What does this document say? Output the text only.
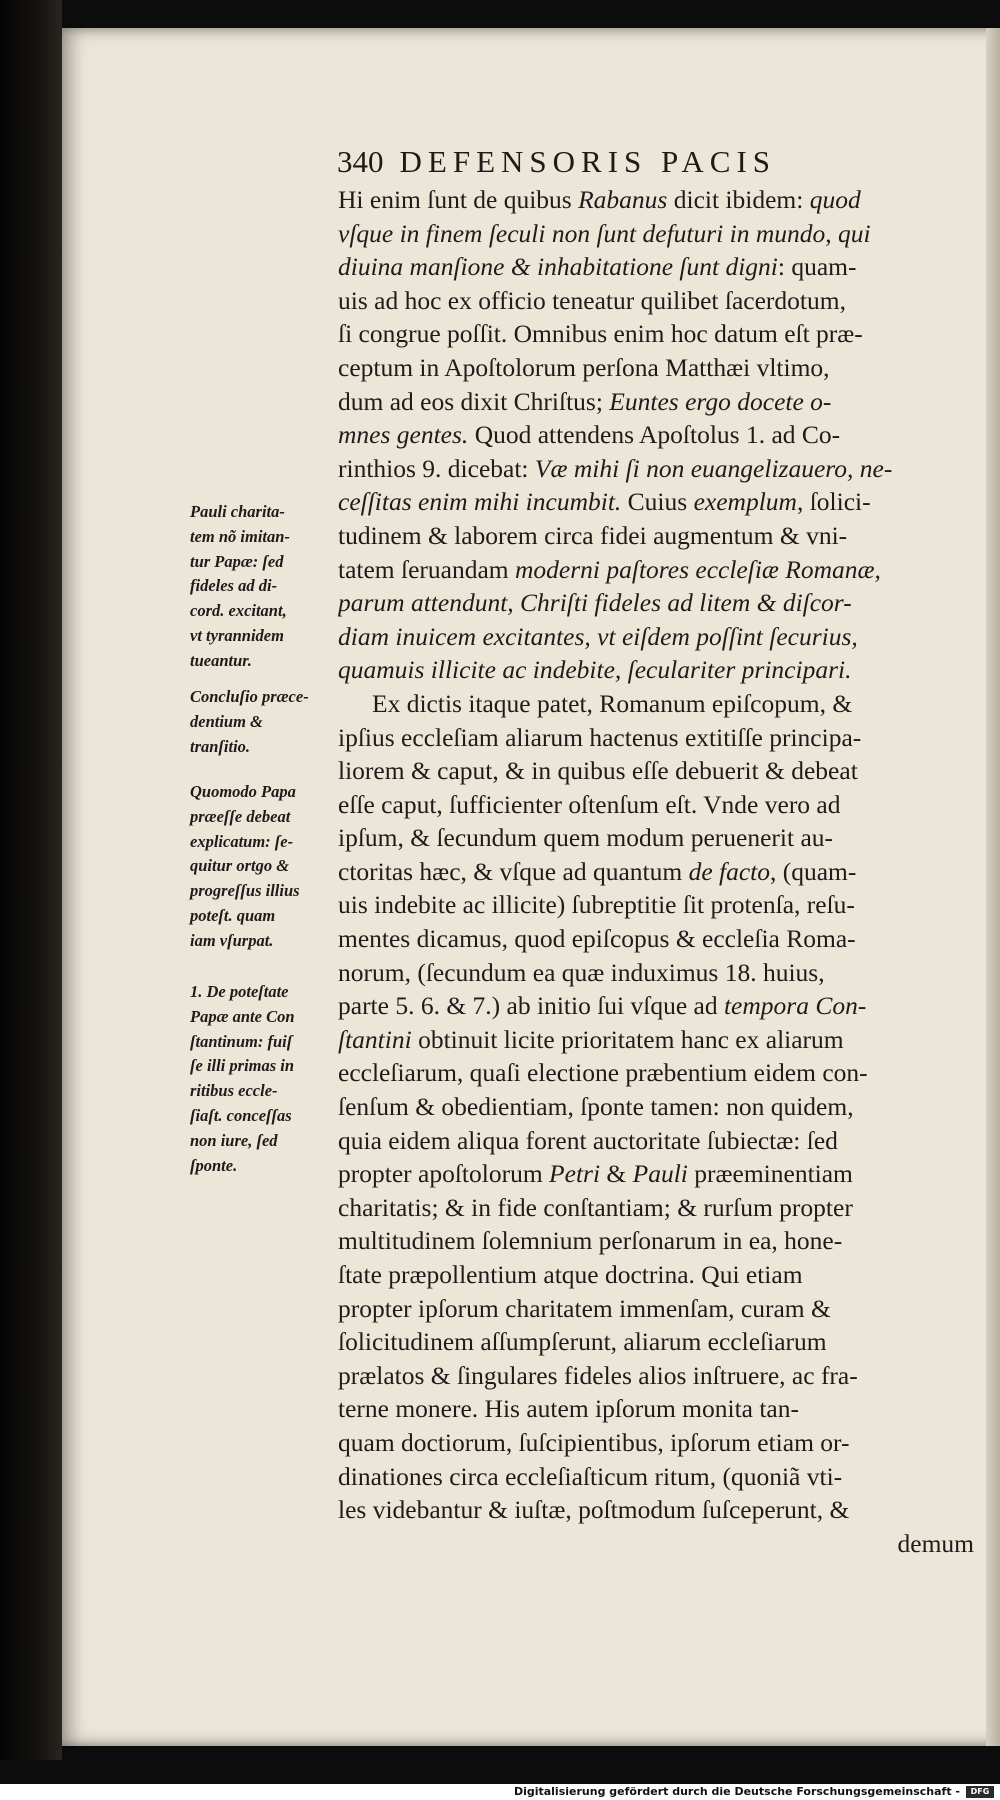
340 DEFENSORIS PACIS
Hi enim ſunt de quibus Rabanus dicit ibidem: quod
vſque in finem ſeculi non ſunt defuturi in mundo, qui
diuina manſione & inhabitatione ſunt digni: quam-
uis ad hoc ex officio teneatur quilibet ſacerdotum,
ſi congrue poſſit. Omnibus enim hoc datum eſt præ-
ceptum in Apoſtolorum perſona Matthæi vltimo,
dum ad eos dixit Chriſtus; Euntes ergo docete o-
mnes gentes. Quod attendens Apoſtolus 1. ad Co-
rinthios 9. dicebat: Væ mihi ſi non euangelizauero, ne-
ceſſitas enim mihi incumbit. Cuius exemplum, ſolici-
tudinem & laborem circa fidei augmentum & vni-
tatem ſeruandam moderni paſtores eccleſiæ Romanæ,
parum attendunt, Chriſti fideles ad litem & diſcor-
diam inuicem excitantes, vt eiſdem poſſint ſecurius,
quamuis illicite ac indebite, ſeculariter principari.
Ex dictis itaque patet, Romanum epiſcopum, &
ipſius eccleſiam aliarum hactenus extitiſſe principa-
liorem & caput, & in quibus eſſe debuerit & debeat
eſſe caput, ſufficienter oſtenſum eſt. Vnde vero ad
ipſum, & ſecundum quem modum peruenerit au-
ctoritas hæc, & vſque ad quantum de facto, (quam-
uis indebite ac illicite) ſubreptitie ſit protenſa, reſu-
mentes dicamus, quod epiſcopus & eccleſia Roma-
norum, (ſecundum ea quæ induximus 18. huius,
parte 5. 6. & 7.) ab initio ſui vſque ad tempora Con-
ſtantini obtinuit licite prioritatem hanc ex aliarum
eccleſiarum, quaſi electione præbentium eidem con-
ſenſum & obedientiam, ſponte tamen: non quidem,
quia eidem aliqua forent auctoritate ſubiectæ: ſed
propter apoſtolorum Petri & Pauli præeminentiam
charitatis; & in fide conſtantiam; & rurſum propter
multitudinem ſolemnium perſonarum in ea, hone-
ſtate præpollentium atque doctrina. Qui etiam
propter ipſorum charitatem immenſam, curam &
ſolicitudinem aſſumpſerunt, aliarum eccleſiarum
prælatos & ſingulares fideles alios inſtruere, ac fra-
terne monere. His autem ipſorum monita tan-
quam doctiorum, ſuſcipientibus, ipſorum etiam or-
dinationes circa eccleſiaſticum ritum, (quoniã vti-
les videbantur & iuſtæ, poſtmodum ſuſceperunt, &
demum
Pauli charita-
tem nõ imitan-
tur Papæ: ſed
fideles ad di-
cord. excitant,
vt tyrannidem
tueantur.
Concluſio præce-
dentium &
tranſitio.
Quomodo Papa
præeſſe debeat
explicatum: ſe-
quitur ortgo &
progreſſus illius
poteſt. quam
iam vſurpat.
1. De poteſtate
Papæ ante Con
ſtantinum: fuiſ
ſe illi primas in
ritibus eccle-
ſiaſt. conceſſas
non iure, ſed
ſponte.
Digitalisierung gefördert durch die Deutsche Forschungsgemeinschaft -	DFG
